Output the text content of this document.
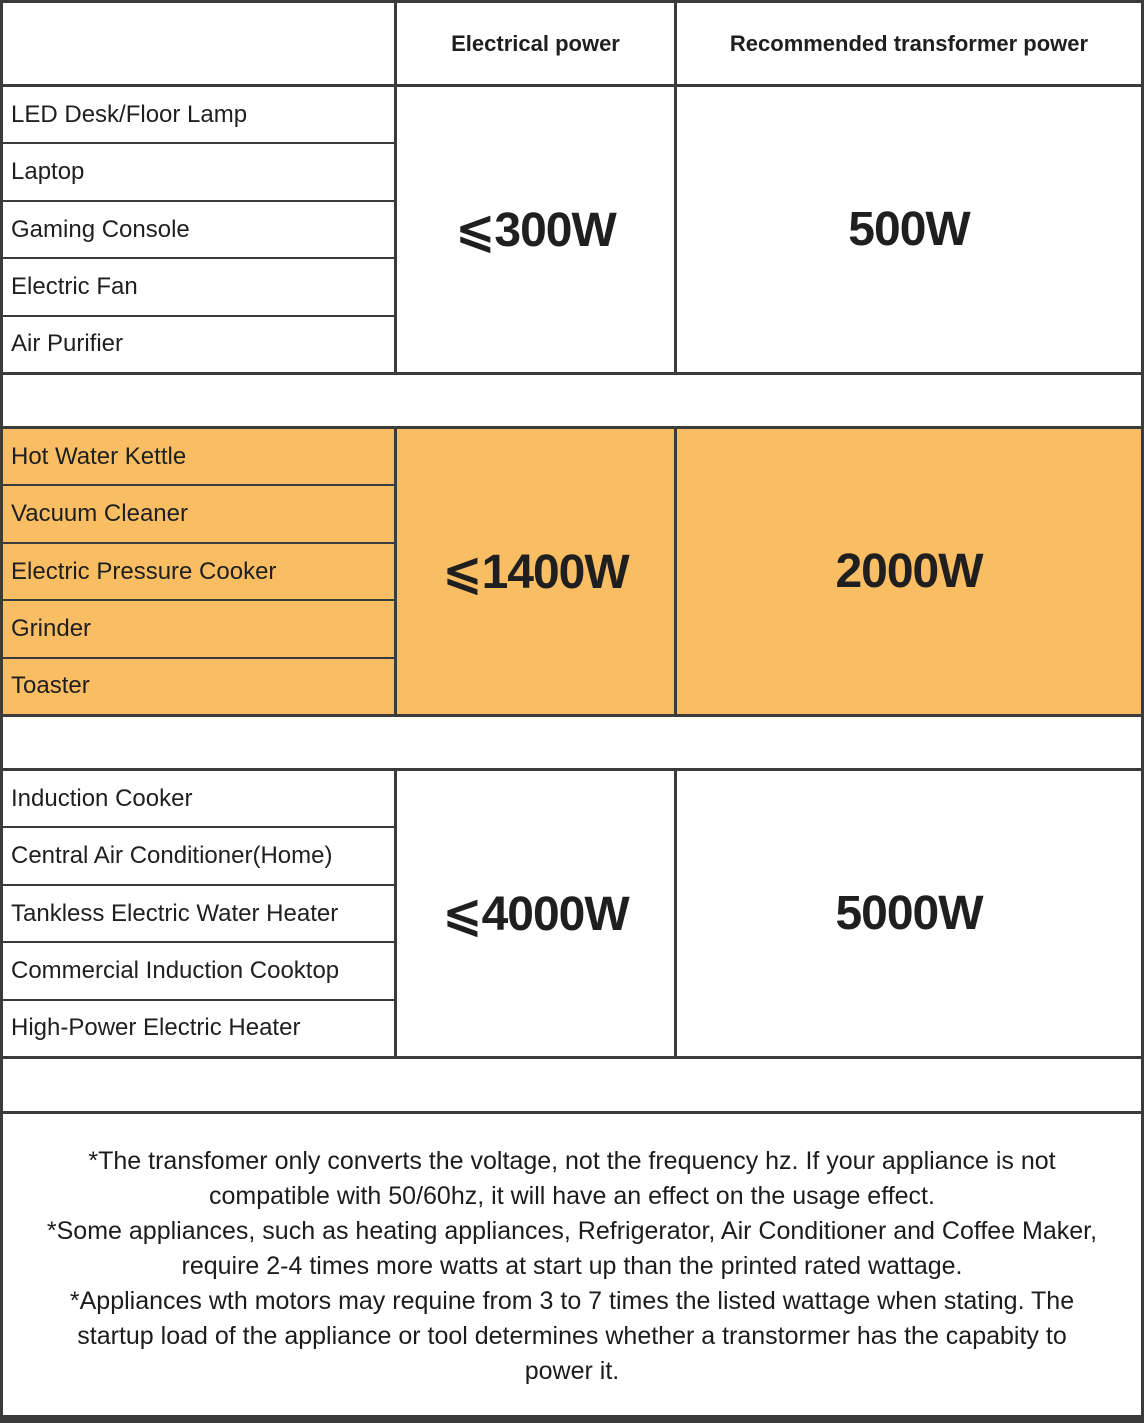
Electrical power	Recommended transformer power
LED Desk/Floor Lamp
Laptop
Gaming Console
Electric Fan
Air Purifier
⩽300W	500W
Hot Water Kettle
Vacuum Cleaner
Electric Pressure Cooker
Grinder
Toaster
⩽1400W	2000W
Induction Cooker
Central Air Conditioner(Home)
Tankless Electric Water Heater
Commercial Induction Cooktop
High-Power Electric Heater
⩽4000W	5000W

*The transfomer only converts the voltage, not the frequency hz. If your appliance is not compatible with 50/60hz, it will have an effect on the usage effect.

*Some appliances, such as heating appliances, Refrigerator, Air Conditioner and Coffee Maker, require 2-4 times more watts at start up than the printed rated wattage.

*Appliances wth motors may requine from 3 to 7 times the listed wattage when stating. The startup load of the appliance or tool determines whether a transtormer has the capabity to power it.
